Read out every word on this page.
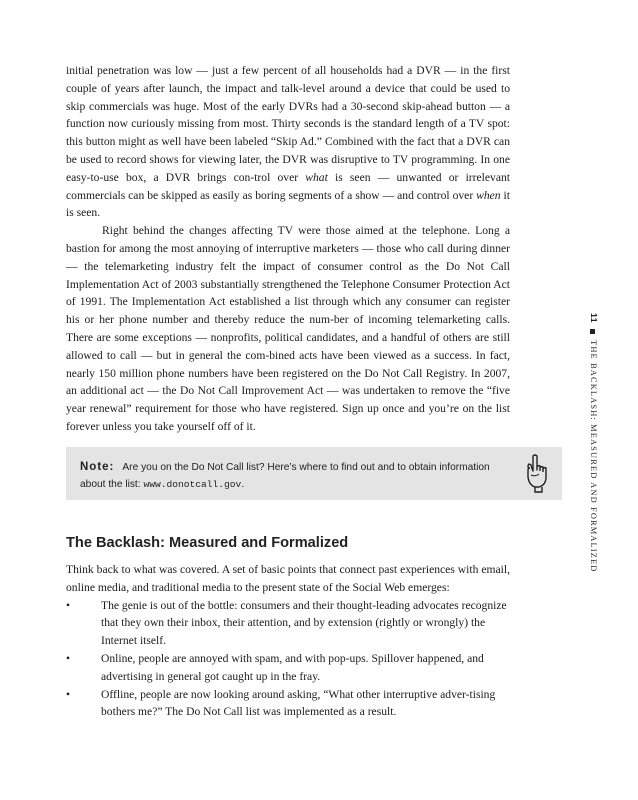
initial penetration was low — just a few percent of all households had a DVR — in the first couple of years after launch, the impact and talk-level around a device that could be used to skip commercials was huge. Most of the early DVRs had a 30-second skip-ahead button — a function now curiously missing from most. Thirty seconds is the standard length of a TV spot: this button might as well have been labeled “Skip Ad.” Combined with the fact that a DVR can be used to record shows for viewing later, the DVR was disruptive to TV programming. In one easy-to-use box, a DVR brings con-trol over what is seen — unwanted or irrelevant commercials can be skipped as easily as boring segments of a show — and control over when it is seen.

Right behind the changes affecting TV were those aimed at the telephone. Long a bastion for among the most annoying of interruptive marketers — those who call during dinner — the telemarketing industry felt the impact of consumer control as the Do Not Call Implementation Act of 2003 substantially strengthened the Telephone Consumer Protection Act of 1991. The Implementation Act established a list through which any consumer can register his or her phone number and thereby reduce the num-ber of incoming telemarketing calls. There are some exceptions — nonprofits, political candidates, and a handful of others are still allowed to call — but in general the com-bined acts have been viewed as a success. In fact, nearly 150 million phone numbers have been registered on the Do Not Call Registry. In 2007, an additional act — the Do Not Call Improvement Act — was undertaken to remove the “five year renewal” requirement for those who have registered. Sign up once and you’re on the list forever unless you take yourself off of it.

Note: Are you on the Do Not Call list? Here’s where to find out and to obtain information about the list: www.donotcall.gov.
The Backlash: Measured and Formalized

Think back to what was covered. A set of basic points that connect past experiences with email, online media, and traditional media to the present state of the Social Web emerges:

• The genie is out of the bottle: consumers and their thought-leading advocates recognize that they own their inbox, their attention, and by extension (rightly or wrongly) the Internet itself.
• Online, people are annoyed with spam, and with pop-ups. Spillover happened, and advertising in general got caught up in the fray.
• Offline, people are now looking around asking, “What other interruptive adver-tising bothers me?” The Do Not Call list was implemented as a result.
11THE BACKLASH: MEASURED AND FORMALIZED
